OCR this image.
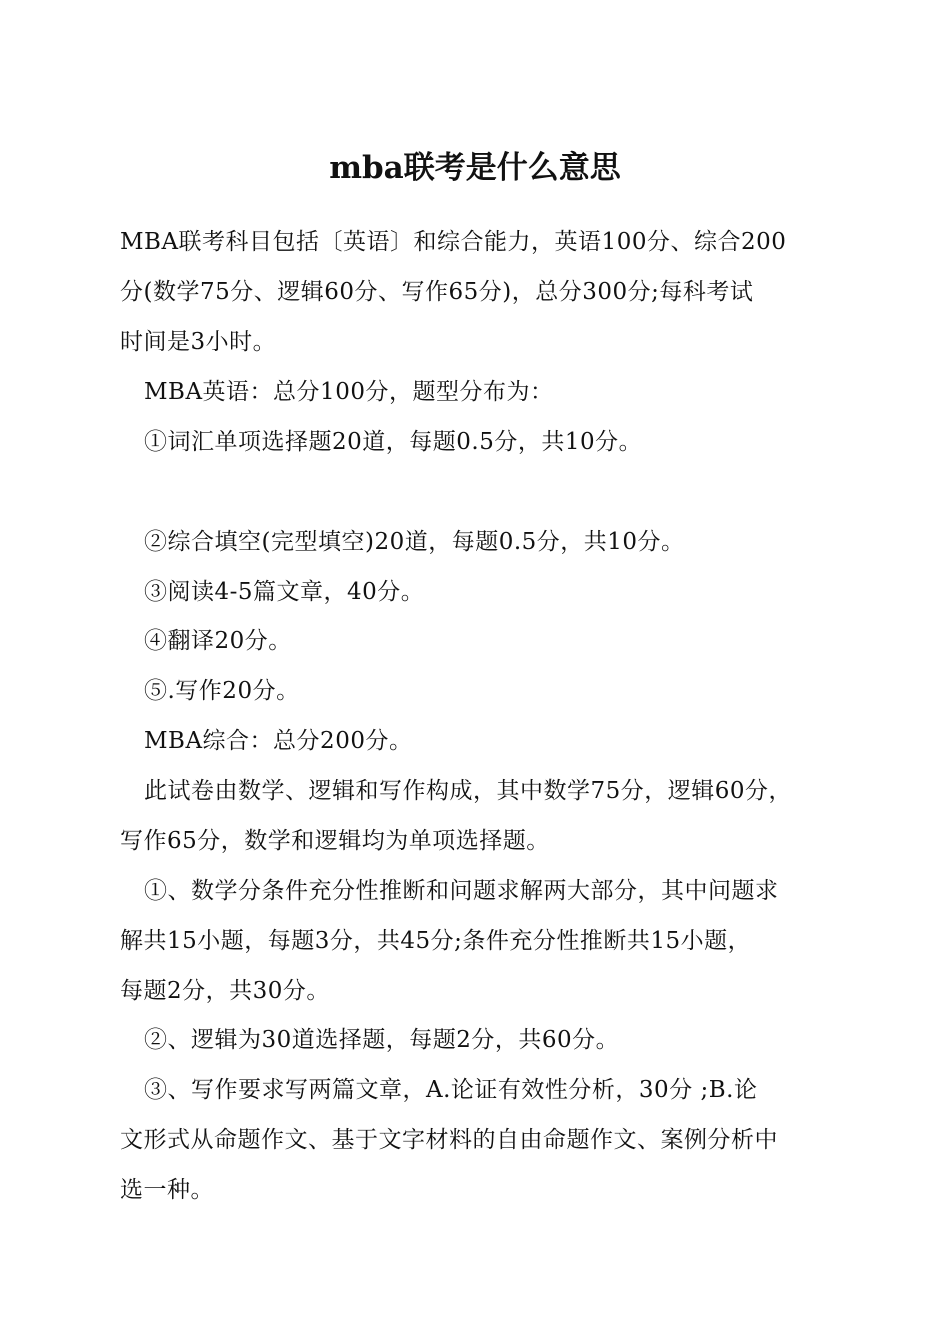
mba联考是什么意思
MBA联考科目包括〔英语〕和综合能力，英语100分、综合200
分(数学75分、逻辑60分、写作65分)，总分300分;每科考试
时间是3小时。
MBA英语：总分100分，题型分布为：
①词汇单项选择题20道，每题0.5分，共10分。
②综合填空(完型填空)20道，每题0.5分，共10分。
③阅读4-5篇文章，40分。
④翻译20分。
⑤.写作20分。
MBA综合：总分200分。
此试卷由数学、逻辑和写作构成，其中数学75分，逻辑60分，
写作65分，数学和逻辑均为单项选择题。
①、数学分条件充分性推断和问题求解两大部分，其中问题求
解共15小题，每题3分，共45分;条件充分性推断共15小题，
每题2分，共30分。
②、逻辑为30道选择题，每题2分，共60分。
③、写作要求写两篇文章，A.论证有效性分析，30分 ;B.论
文形式从命题作文、基于文字材料的自由命题作文、案例分析中
选一种。
